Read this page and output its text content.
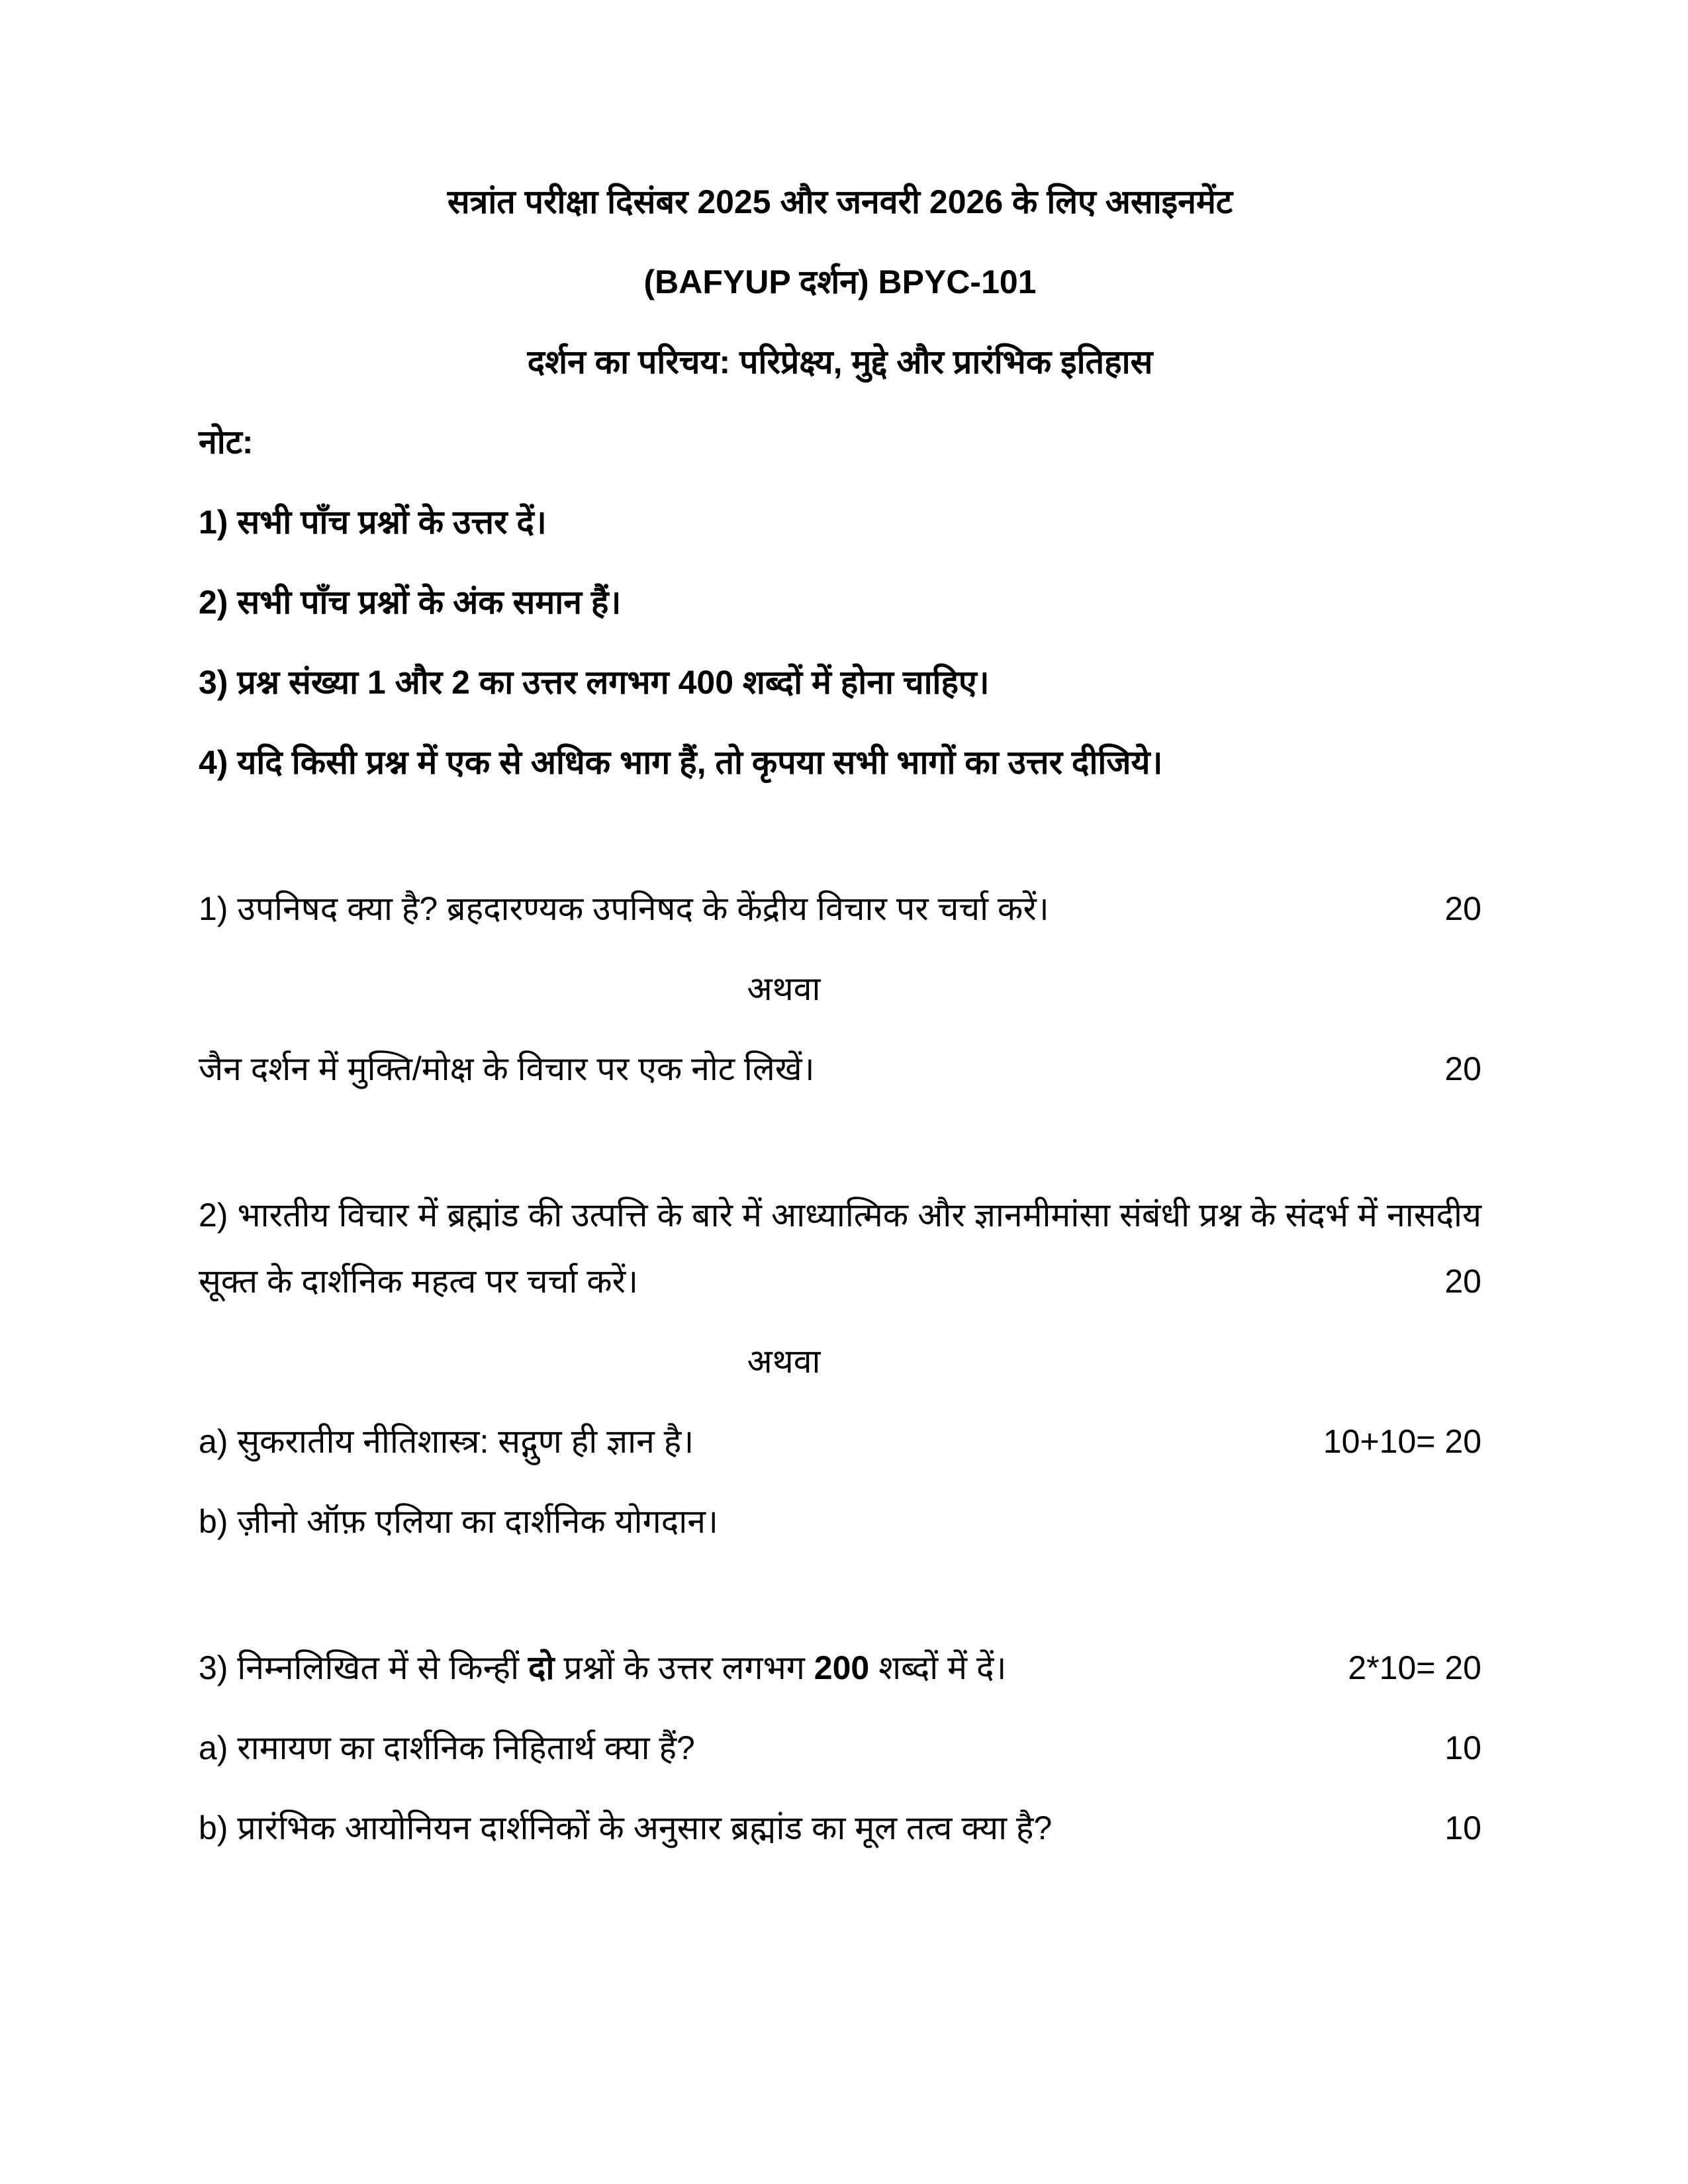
सत्रांत परीक्षा दिसंबर 2025 और जनवरी 2026 के लिए असाइनमेंट

(BAFYUP दर्शन) BPYC-101

दर्शन का परिचय: परिप्रेक्ष्य, मुद्दे और प्रारंभिक इतिहास

नोट:

1) सभी पाँच प्रश्नों के उत्तर दें।

2) सभी पाँच प्रश्नों के अंक समान हैं।

3) प्रश्न संख्या 1 और 2 का उत्तर लगभग 400 शब्दों में होना चाहिए।

4) यदि किसी प्रश्न में एक से अधिक भाग हैं, तो कृपया सभी भागों का उत्तर दीजिये।

1) उपनिषद क्या है? ब्रहदारण्यक उपनिषद के केंद्रीय विचार पर चर्चा करें।	20
अथवा
जैन दर्शन में मुक्ति/मोक्ष के विचार पर एक नोट लिखें।	20
2) भारतीय विचार में ब्रह्मांड की उत्पत्ति के बारे में आध्यात्मिक और ज्ञानमीमांसा संबंधी प्रश्न के संदर्भ में नासदीय सूक्त के दार्शनिक महत्व पर चर्चा करें।	20
अथवा
a) सुकरातीय नीतिशास्त्र: सद्गुण ही ज्ञान है।	10+10= 20
b) ज़ीनो ऑफ़ एलिया का दार्शनिक योगदान।
3) निम्नलिखित में से किन्हीं दो प्रश्नों के उत्तर लगभग 200 शब्दों में दें।	2*10= 20
a) रामायण का दार्शनिक निहितार्थ क्या हैं?	10
b) प्रारंभिक आयोनियन दार्शनिकों के अनुसार ब्रह्मांड का मूल तत्व क्या है?	10
